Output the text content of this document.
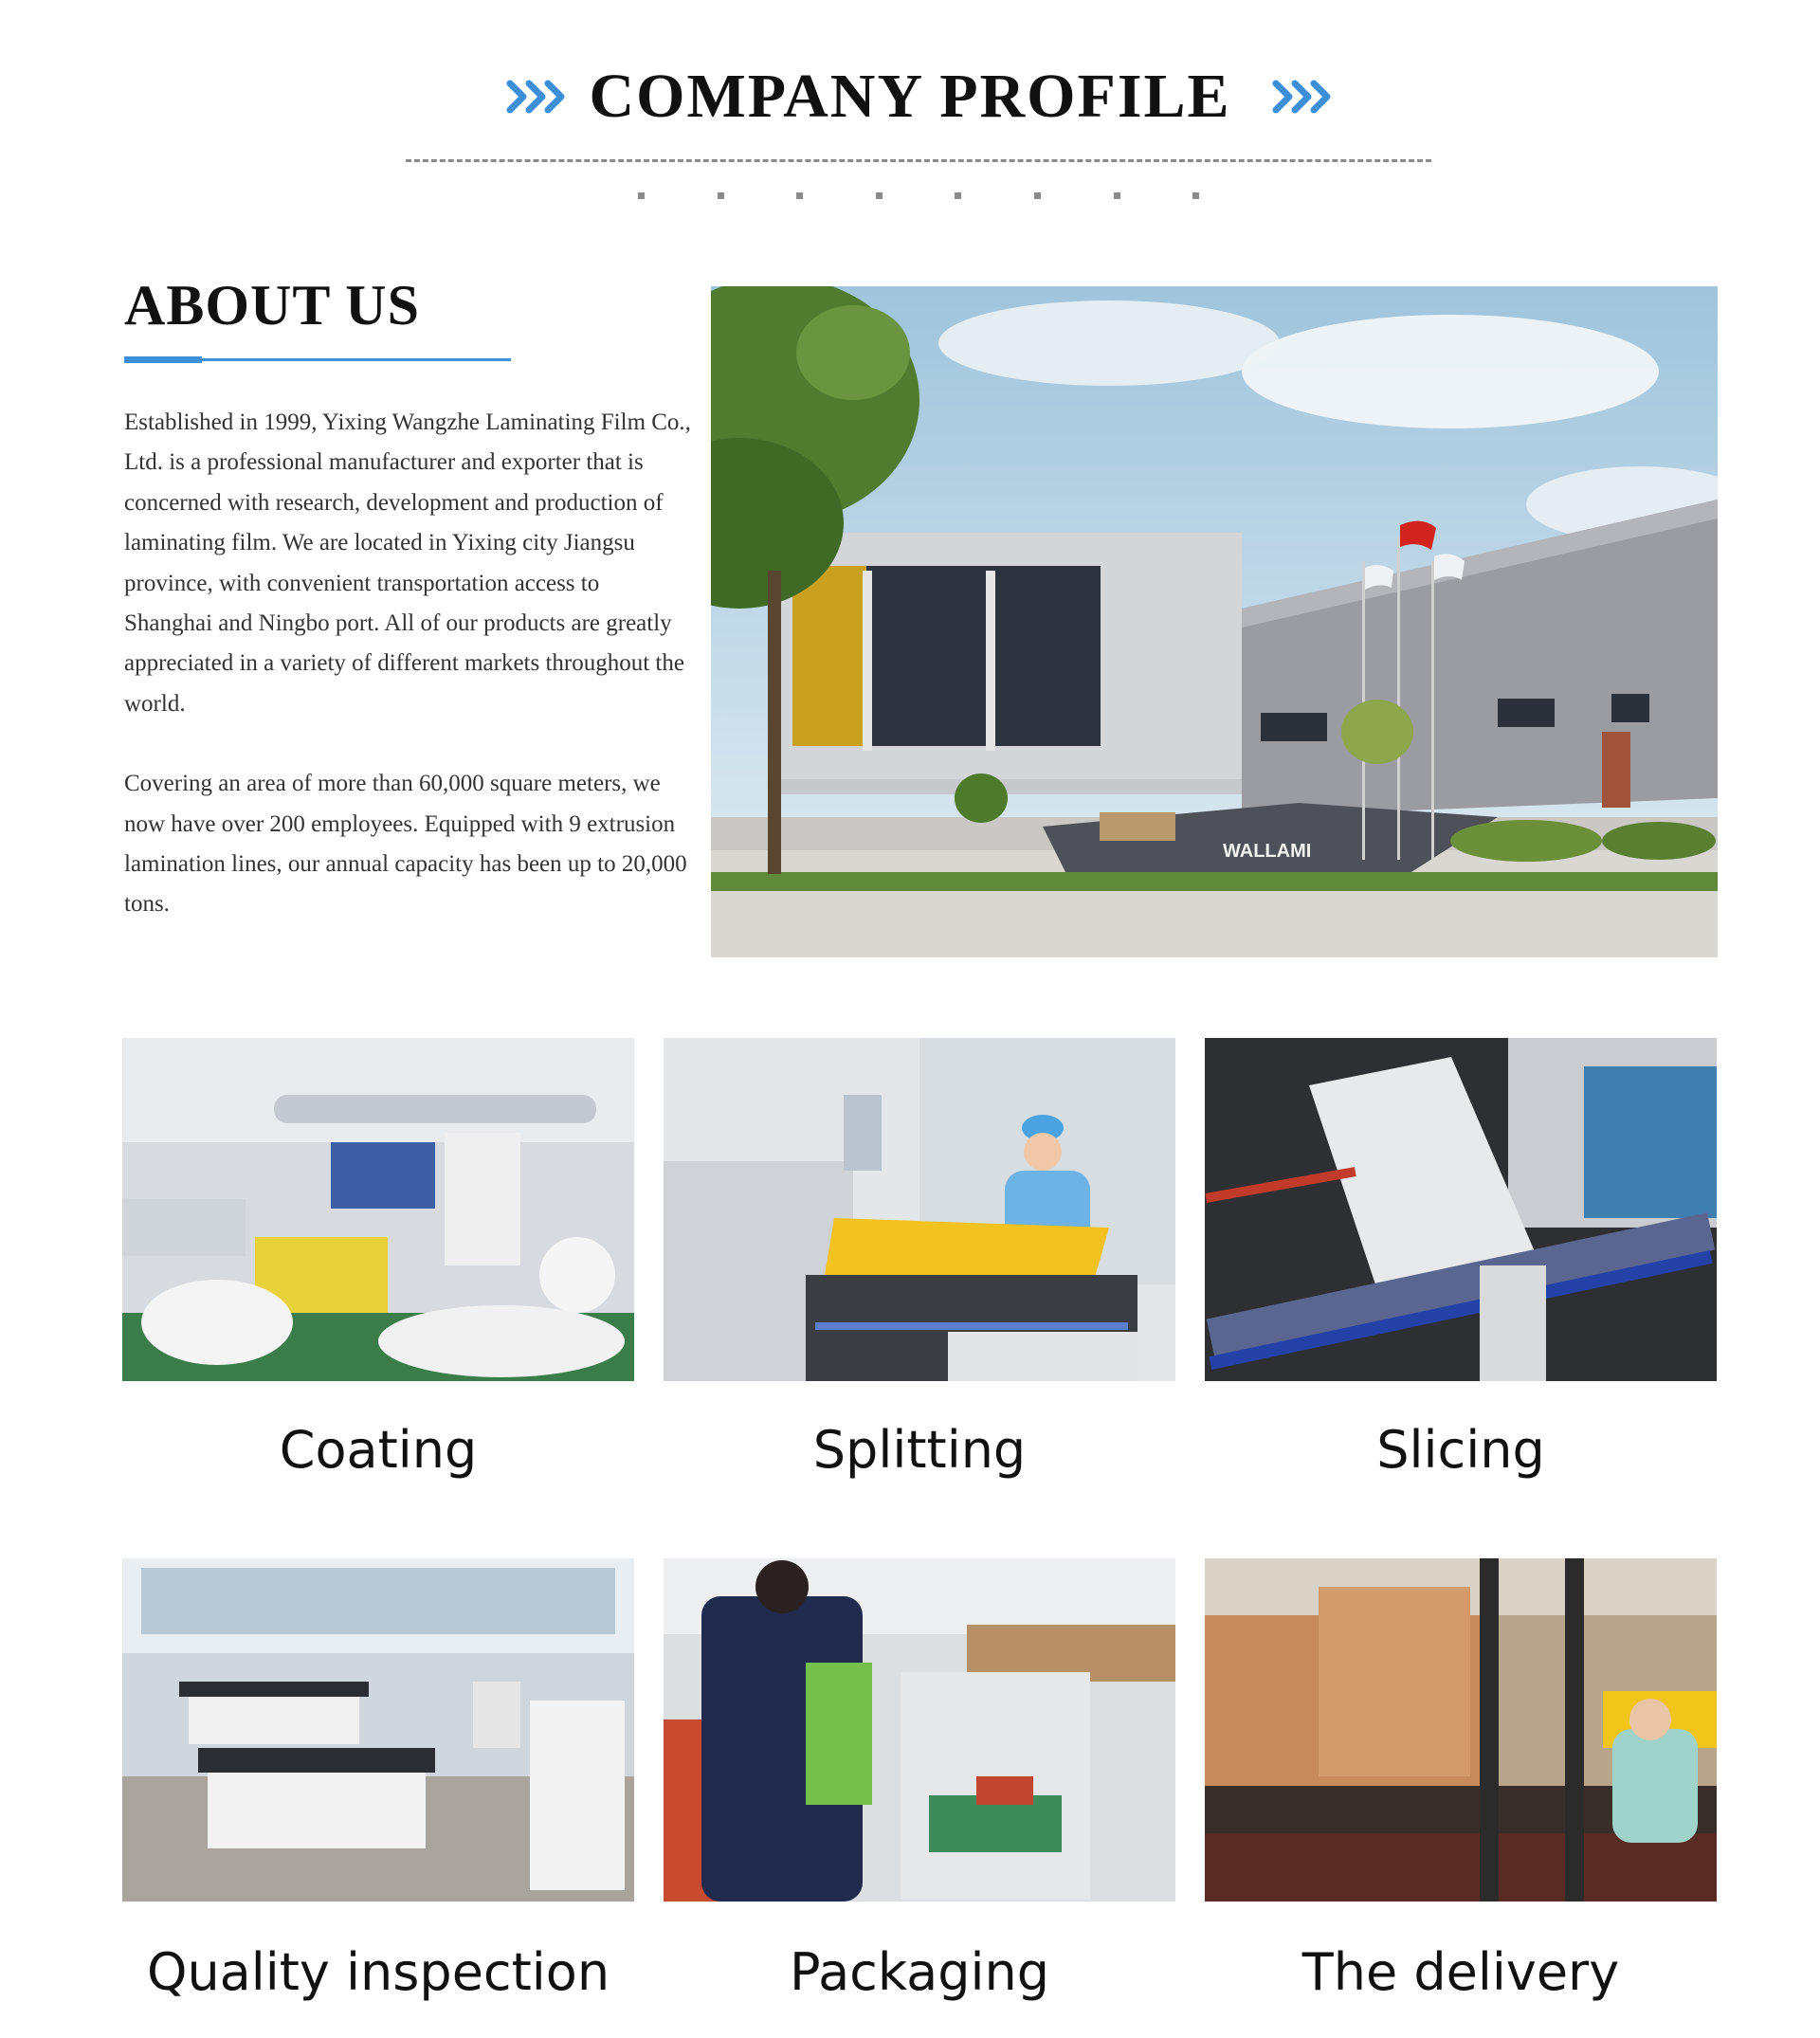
COMPANY PROFILE
ABOUT US

Established in 1999, Yixing Wangzhe Laminating Film Co., Ltd. is a professional manufacturer and exporter that is concerned with research, development and production of laminating film. We are located in Yixing city Jiangsu province, with convenient transportation access to Shanghai and Ningbo port. All of our products are greatly appreciated in a variety of different markets throughout the world.

Covering an area of more than 60,000 square meters, we now have over 200 employees. Equipped with 9 extrusion lamination lines, our annual capacity has been up to 20,000 tons.

WALLAMI

Coating	Splitting	Slicing

Quality inspection	Packaging	The delivery
